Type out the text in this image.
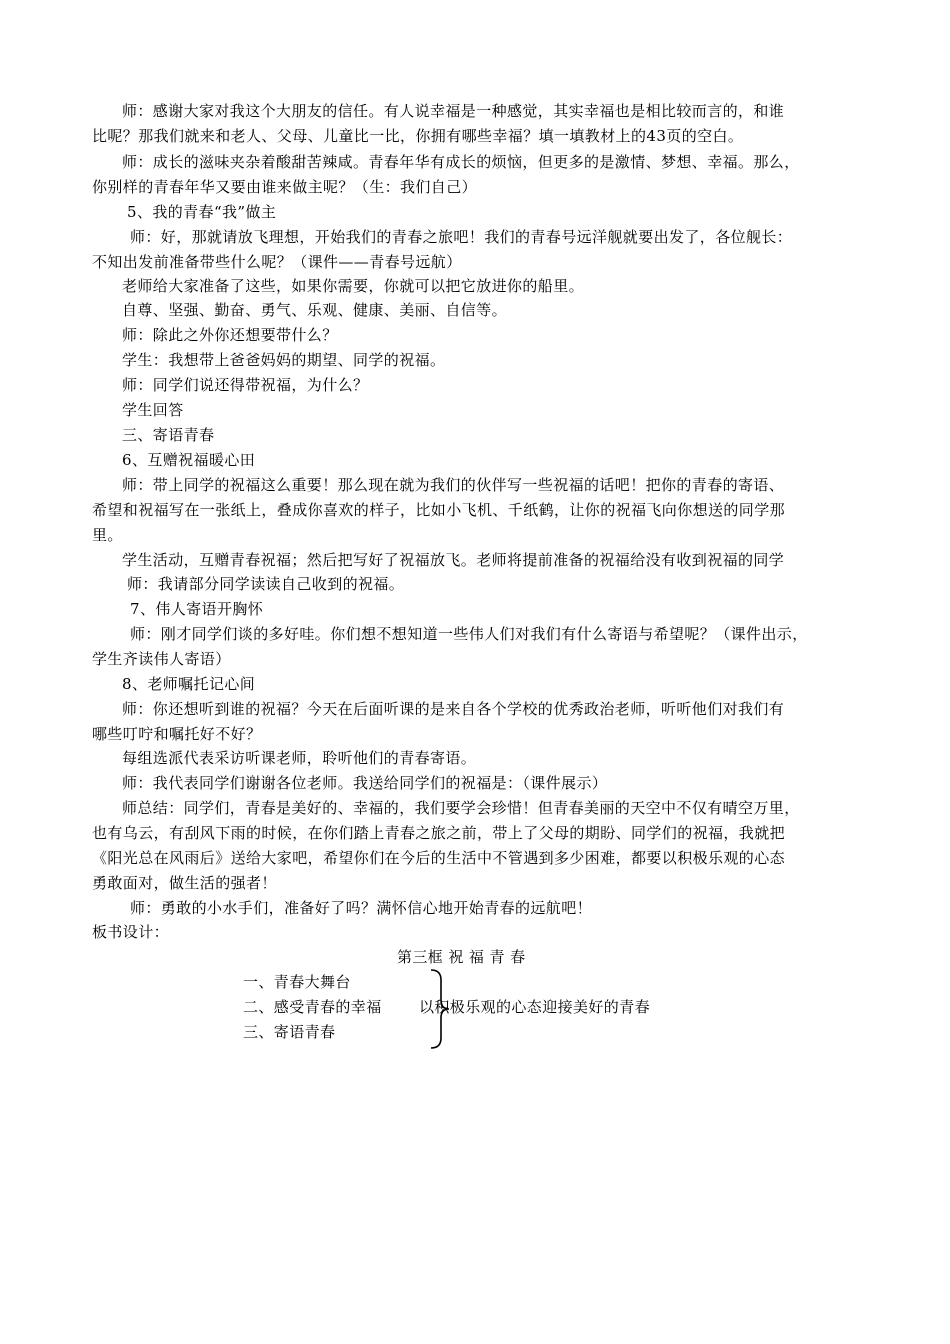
师：感谢大家对我这个大朋友的信任。有人说幸福是一种感觉，其实幸福也是相比较而言的，和谁
比呢？那我们就来和老人、父母、儿童比一比，你拥有哪些幸福？填一填教材上的43页的空白。
师：成长的滋味夹杂着酸甜苦辣咸。青春年华有成长的烦恼，但更多的是激情、梦想、幸福。那么，
你别样的青春年华又要由谁来做主呢？（生：我们自己）
5、我的青春“我”做主
师：好，那就请放飞理想，开始我们的青春之旅吧！我们的青春号远洋舰就要出发了，各位舰长：
不知出发前准备带些什么呢？（课件——青春号远航）
老师给大家准备了这些，如果你需要，你就可以把它放进你的船里。
自尊、坚强、勤奋、勇气、乐观、健康、美丽、自信等。
师：除此之外你还想要带什么？
学生：我想带上爸爸妈妈的期望、同学的祝福。
师：同学们说还得带祝福，为什么？
学生回答
三、寄语青春
6、互赠祝福暖心田
师：带上同学的祝福这么重要！那么现在就为我们的伙伴写一些祝福的话吧！把你的青春的寄语、
希望和祝福写在一张纸上，叠成你喜欢的样子，比如小飞机、千纸鹤，让你的祝福飞向你想送的同学那
里。
学生活动，互赠青春祝福；然后把写好了祝福放飞。老师将提前准备的祝福给没有收到祝福的同学
师：我请部分同学读读自己收到的祝福。
7、伟人寄语开胸怀
师：刚才同学们谈的多好哇。你们想不想知道一些伟人们对我们有什么寄语与希望呢？（课件出示，
学生齐读伟人寄语）
8、老师嘱托记心间
师：你还想听到谁的祝福？今天在后面听课的是来自各个学校的优秀政治老师，听听他们对我们有
哪些叮咛和嘱托好不好？
每组选派代表采访听课老师，聆听他们的青春寄语。
师：我代表同学们谢谢各位老师。我送给同学们的祝福是：（课件展示）
师总结：同学们，青春是美好的、幸福的，我们要学会珍惜！但青春美丽的天空中不仅有晴空万里，
也有乌云，有刮风下雨的时候，在你们踏上青春之旅之前，带上了父母的期盼、同学们的祝福，我就把
《阳光总在风雨后》送给大家吧，希望你们在今后的生活中不管遇到多少困难，都要以积极乐观的心态
勇敢面对，做生活的强者！
师：勇敢的小水手们，准备好了吗？满怀信心地开始青春的远航吧！
板书设计：
第三框 祝 福 青 春
一、青春大舞台
二、感受青春的幸福
三、寄语青春
以积极乐观的心态迎接美好的青春
